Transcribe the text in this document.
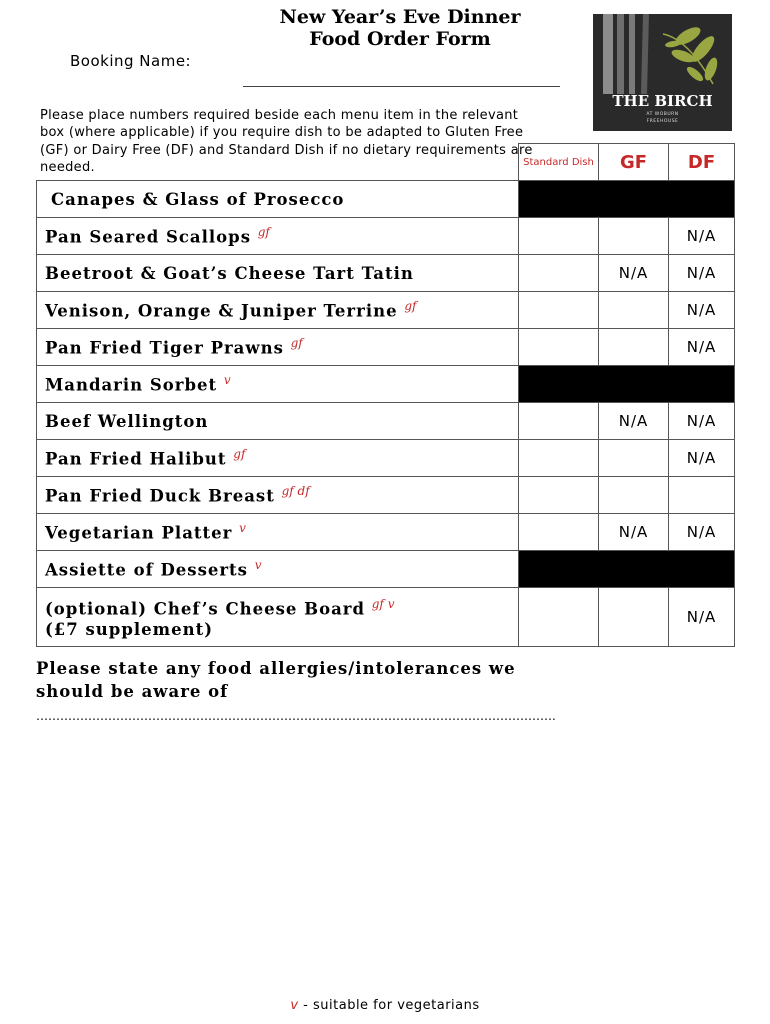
New Year’s Eve Dinner
Food Order Form
Booking Name:
Please place numbers required beside each menu item in the relevant box (where applicable) if you require dish to be adapted to Gluten Free (GF) or Dairy Free (DF) and Standard Dish if no dietary requirements are needed.
THE BIRCH
AT WOBURN
FREEHOUSE
	Standard Dish	GF	DF
Canapes & Glass of Prosecco			
Pan Seared Scallops $^{gf}$			N/A
Beetroot & Goat’s Cheese Tart Tatin		N/A	N/A
Venison, Orange & Juniper Terrine $^{gf}$			N/A
Pan Fried Tiger Prawns $^{gf}$			N/A
Mandarin Sorbet $^v$	
Beef Wellington		N/A	N/A
Pan Fried Halibut $^{gf}$			N/A
Pan Fried Duck Breast $^{gf df}$			
Vegetarian Platter $^v$		N/A	N/A
Assiette of Desserts $^v$	
(optional) Chef’s Cheese Board $^{gf v}$
(£7 supplement)			N/A
Please state any food allergies/intolerances we
should be aware of ………………………………………………………………………………………………………………….
v - suitable for vegetarians
